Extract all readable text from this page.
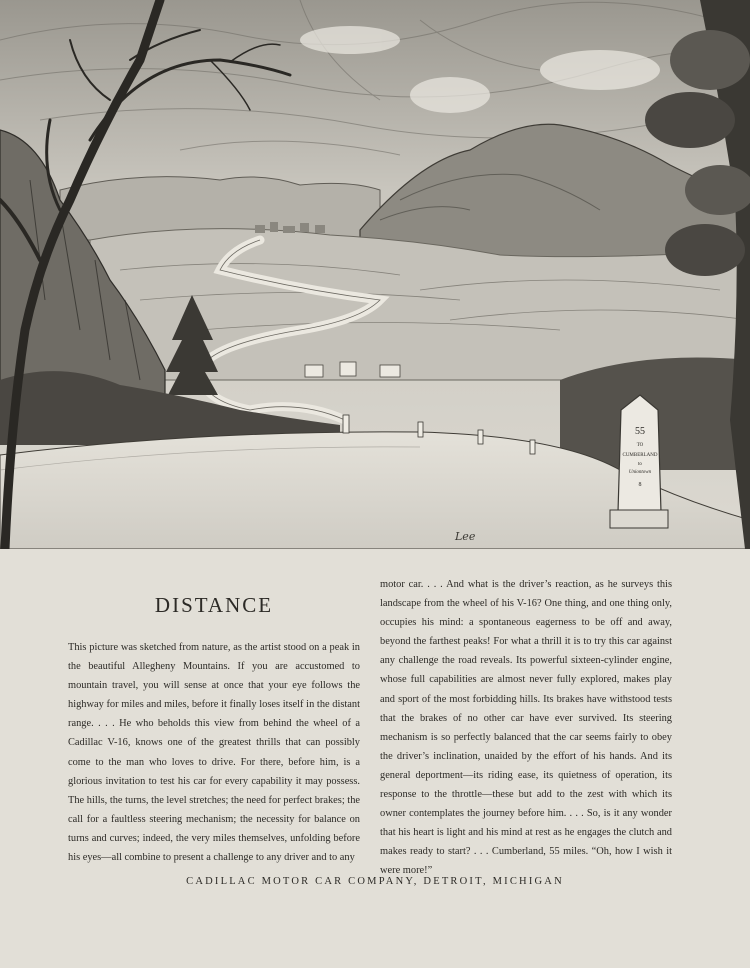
55
TO
CUMBERLAND
to
Uniontown
8
Lee
DISTANCE
This picture was sketched from nature, as the artist stood on a peak in the beautiful Allegheny Mountains. If you are accustomed to mountain travel, you will sense at once that your eye follows the highway for miles and miles, before it finally loses itself in the distant range. . . . He who beholds this view from behind the wheel of a Cadillac V-16, knows one of the greatest thrills that can possibly come to the man who loves to drive. For there, before him, is a glorious invitation to test his car for every capability it may possess. The hills, the turns, the level stretches; the need for perfect brakes; the call for a faultless steering mechanism; the necessity for balance on turns and curves; indeed, the very miles themselves, unfolding before his eyes—all combine to present a challenge to any driver and to any
motor car. . . . And what is the driver’s reaction, as he surveys this landscape from the wheel of his V-16? One thing, and one thing only, occupies his mind: a spontaneous eagerness to be off and away, beyond the farthest peaks! For what a thrill it is to try this car against any challenge the road reveals. Its powerful sixteen-cylinder engine, whose full capabilities are almost never fully explored, makes play and sport of the most forbidding hills. Its brakes have withstood tests that the brakes of no other car have ever survived. Its steering mechanism is so perfectly balanced that the car seems fairly to obey the driver’s inclination, unaided by the effort of his hands. And its general deportment—its riding ease, its quietness of operation, its response to the throttle—these but add to the zest with which its owner contemplates the journey before him. . . . So, is it any wonder that his heart is light and his mind at rest as he engages the clutch and makes ready to start? . . . Cumberland, 55 miles. “Oh, how I wish it were more!”
CADILLAC MOTOR CAR COMPANY, DETROIT, MICHIGAN
